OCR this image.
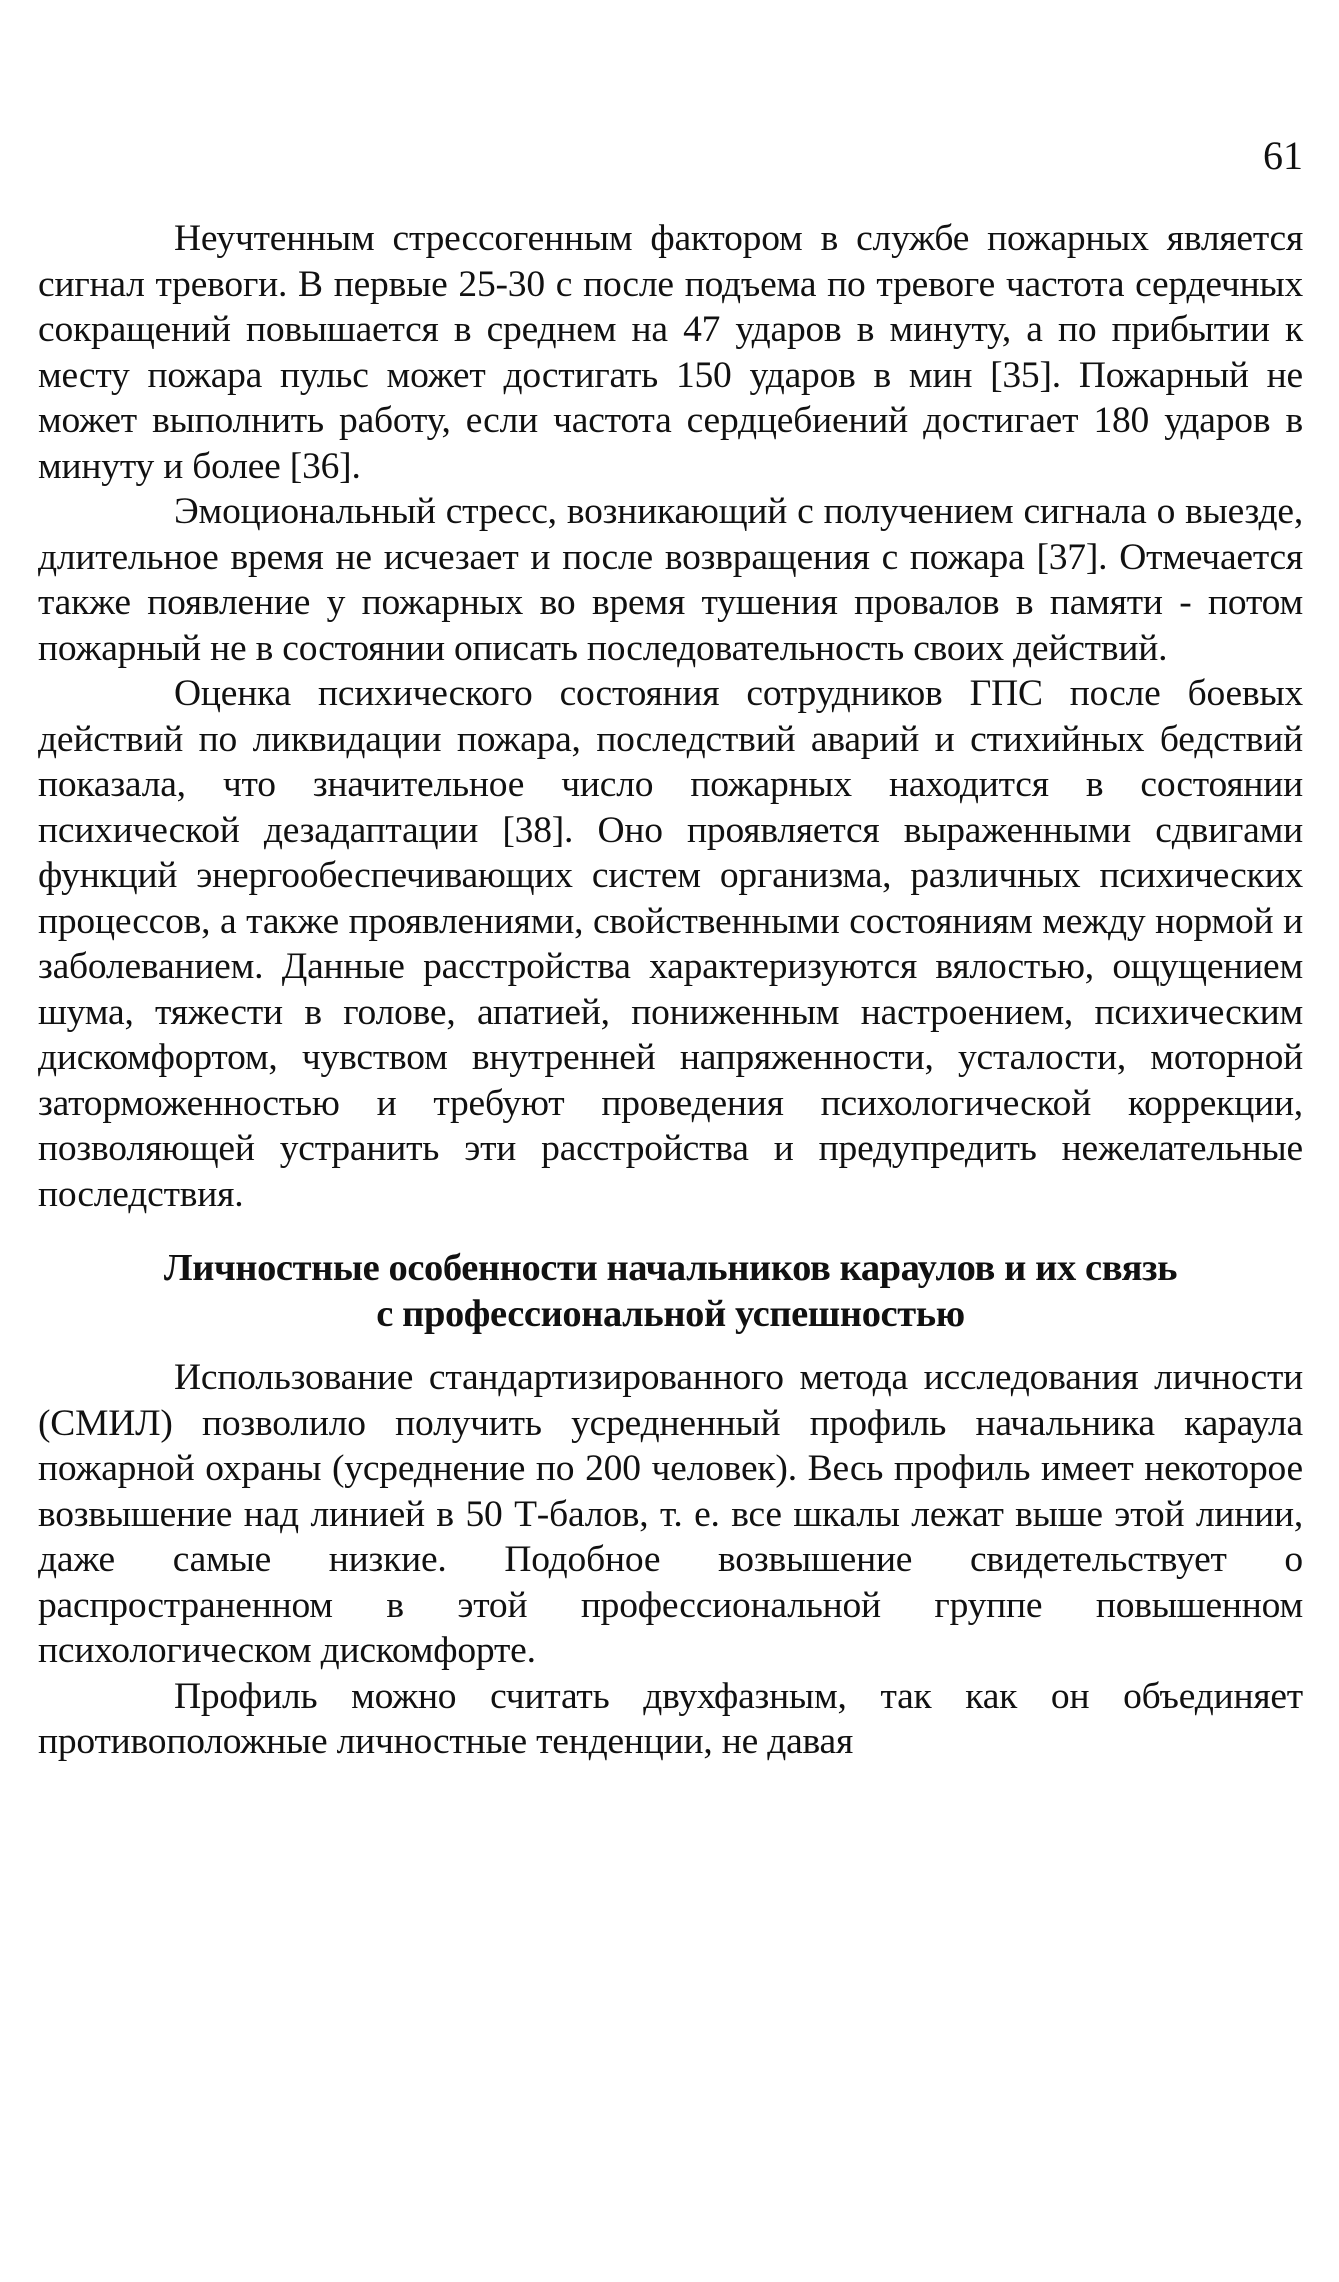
61

Неучтенным стрессогенным фактором в службе пожарных является сигнал тревоги. В первые 25-30 с после подъема по тревоге частота сердечных сокращений повышается в среднем на 47 ударов в минуту, а по прибытии к месту пожара пульс может достигать 150 ударов в мин [35]. Пожарный не может выполнить работу, если частота сердцебиений достигает 180 ударов в минуту и более [36].

Эмоциональный стресс, возникающий с получением сигнала о выезде, длительное время не исчезает и после возвращения с пожара [37]. Отмечается также появление у пожарных во время тушения провалов в памяти - потом пожарный не в состоянии описать последовательность своих действий.

Оценка психического состояния сотрудников ГПС после боевых действий по ликвидации пожара, последствий аварий и стихийных бедствий показала, что значительное число пожарных находится в состоянии психической дезадаптации [38]. Оно проявляется выраженными сдвигами функций энергообеспечивающих систем организма, различных психических процессов, а также проявлениями, свойственными состояниям между нормой и заболеванием. Данные расстройства характеризуются вялостью, ощущением шума, тяжести в голове, апатией, пониженным настроением, психическим дискомфортом, чувством внутренней напряженности, усталости, моторной заторможенностью и требуют проведения психологической коррекции, позволяющей устранить эти расстройства и предупредить нежелательные последствия.

Личностные особенности начальников караулов и их связь
с профессиональной успешностью

Использование стандартизированного метода исследования личности (СМИЛ) позволило получить усредненный профиль начальника караула пожарной охраны (усреднение по 200 человек). Весь профиль имеет некоторое возвышение над линией в 50 Т-балов, т. е. все шкалы лежат выше этой линии, даже самые низкие. Подобное возвышение свидетельствует о распространенном в этой профессиональной группе повышенном психологическом дискомфорте.

Профиль можно считать двухфазным, так как он объединяет противоположные личностные тенденции, не давая
